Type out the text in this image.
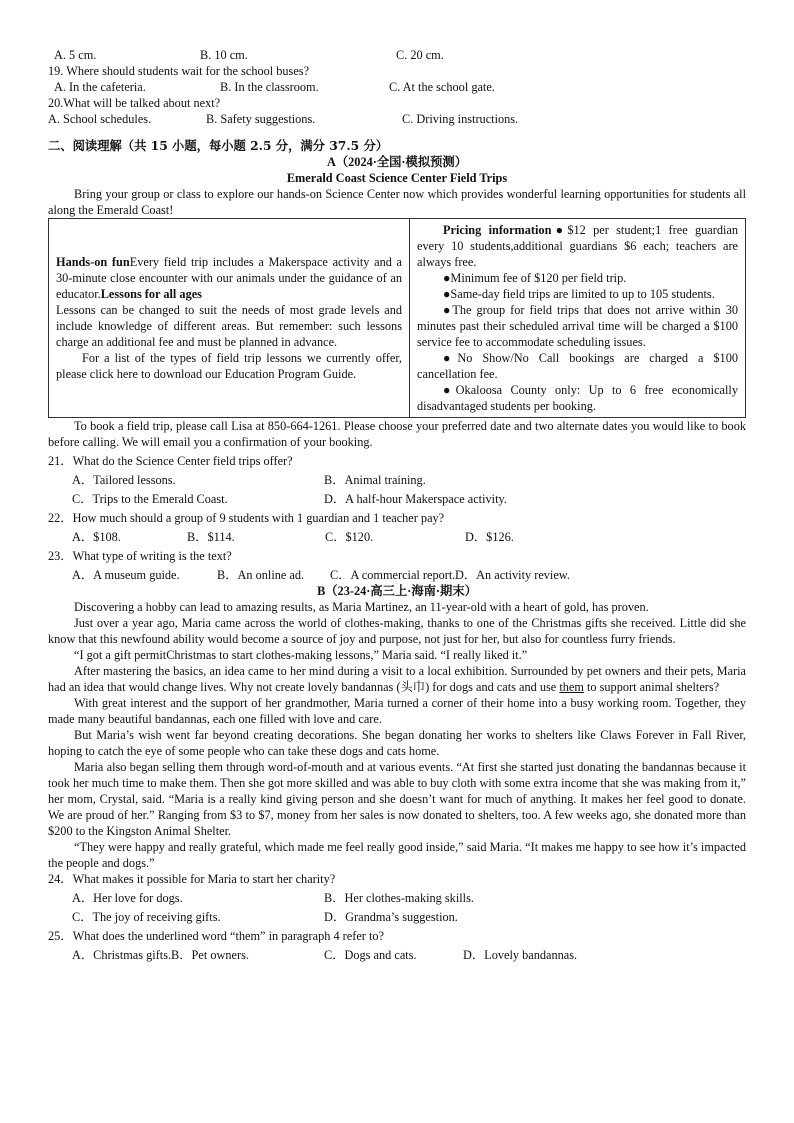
A. 5 cm.	B. 10 cm.	C. 20 cm.

19. Where should students wait for the school buses?

A. In the cafeteria.	B. In the classroom.	C. At the school gate.

20.What will be talked about next?

A. School schedules.	B. Safety suggestions.	C. Driving instructions.
二、阅读理解（共 15 小题，每小题 2.5 分，满分 37.5 分）
A（2024·全国·模拟预测）
Emerald Coast Science Center Field Trips

Bring your group or class to explore our hands-on Science Center now which provides wonderful learning opportunities for students all along the Emerald Coast!

Hands-on funEvery field trip includes a Makerspace activity and a 30-minute close encounter with our animals under the guidance of an educator.Lessons for all ages

Lessons can be changed to suit the needs of most grade levels and include knowledge of different areas. But remember: such lessons charge an additional fee and must be planned in advance.

For a list of the types of field trip lessons we currently offer, please click here to download our Education Program Guide.

Pricing information●$12 per student;1 free guardian every 10 students,additional guardians $6 each; teachers are always free.

●Minimum fee of $120 per field trip.

●Same-day field trips are limited to up to 105 students.

●The group for field trips that does not arrive within 30 minutes past their scheduled arrival time will be charged a $100 service fee to accommodate scheduling issues.

●No Show/No Call bookings are charged a $100 cancellation fee.

●Okaloosa County only: Up to 6 free economically disadvantaged students per booking.

To book a field trip, please call Lisa at 850-664-1261. Please choose your preferred date and two alternate dates you would like to book before calling. We will email you a confirmation of your booking.

21．What do the Science Center field trips offer?

A．Tailored lessons.	B．Animal training.
C．Trips to the Emerald Coast.	D．A half-hour Makerspace activity.

22．How much should a group of 9 students with 1 guardian and 1 teacher pay?

A．$108.	B．$114.	C．$120.	D．$126.

23．What type of writing is the text?

A．A museum guide.	B．An online ad.	C．A commercial report. D．An activity review.
B（23-24·高三上·海南·期末）

Discovering a hobby can lead to amazing results, as Maria Martinez, an 11-year-old with a heart of gold, has proven.

Just over a year ago, Maria came across the world of clothes-making, thanks to one of the Christmas gifts she received. Little did she know that this newfound ability would become a source of joy and purpose, not just for her, but also for countless furry friends.

“I got a gift permitChristmas to start clothes-making lessons,” Maria said. “I really liked it.”

After mastering the basics, an idea came to her mind during a visit to a local exhibition. Surrounded by pet owners and their pets, Maria had an idea that would change lives. Why not create lovely bandannas (头巾) for dogs and cats and use them to support animal shelters?

With great interest and the support of her grandmother, Maria turned a corner of their home into a busy working room. Together, they made many beautiful bandannas, each one filled with love and care.

But Maria’s wish went far beyond creating decorations. She began donating her works to shelters like Claws Forever in Fall River, hoping to catch the eye of some people who can take these dogs and cats home.

Maria also began selling them through word-of-mouth and at various events. “At first she started just donating the bandannas because it took her much time to make them. Then she got more skilled and was able to buy cloth with some extra income that she was making from it,” her mom, Crystal, said. “Maria is a really kind giving person and she doesn’t want for much of anything. It makes her feel good to donate. We are proud of her.” Ranging from $3 to $7, money from her sales is now donated to shelters, too. A few weeks ago, she donated more than $200 to the Kingston Animal Shelter.

“They were happy and really grateful, which made me feel really good inside,” said Maria. “It makes me happy to see how it’s impacted the people and dogs.”

24．What makes it possible for Maria to start her charity?

A．Her love for dogs.	B．Her clothes-making skills.
C．The joy of receiving gifts.	D．Grandma’s suggestion.

25．What does the underlined word “them” in paragraph 4 refer to?

A．Christmas gifts.B．Pet owners.	C．Dogs and cats.	D．Lovely bandannas.
